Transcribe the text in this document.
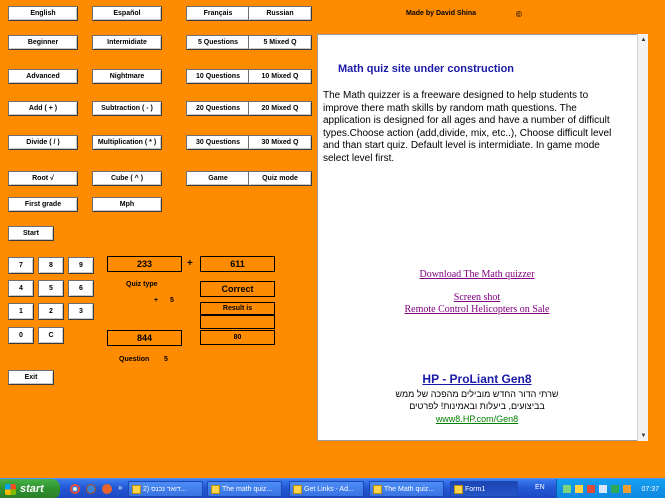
English	Español	Français	Russian	Made by David Shina	©
Beginner	Intermidiate	5 Questions	5 Mixed Q
Advanced	Nightmare	10 Questions	10 Mixed Q
Add ( + )	Subtraction ( - )	20 Questions	20 Mixed Q
Divide ( / )	Multiplication ( * )	30 Questions	30 Mixed Q
Root √	Cube ( ^ )	Game	Quiz mode
First grade	Mph
Start
7	8	9
4	5	6
1	2	3
0	C
Exit
233	+	611
Quiz type
+ 5
Correct
Result is
844	80
Question 5
Math quiz site under construction
The Math quizzer is a freeware designed to help students to improve there math skills by random math questions. The application is designed for all ages and have a number of difficult types.Choose action (add,divide, mix, etc..), Choose difficult level and than start quiz. Default level is intermidiate. In game mode select level first.
Download The Math quizzer
Screen shot
Remote Control Helicopters on Sale
HP - ProLiant Gen8
שרתי הדור החדש מובילים מהפכה של ממש
בביצועים, ביעלות ובאמינות! לפרטים
www8.HP.com/Gen8
▲
▼
start	»	דואר נכנס (2...	The math quiz...	Get Links - Ad...	The Math quiz...	Form1	EN	07:37
